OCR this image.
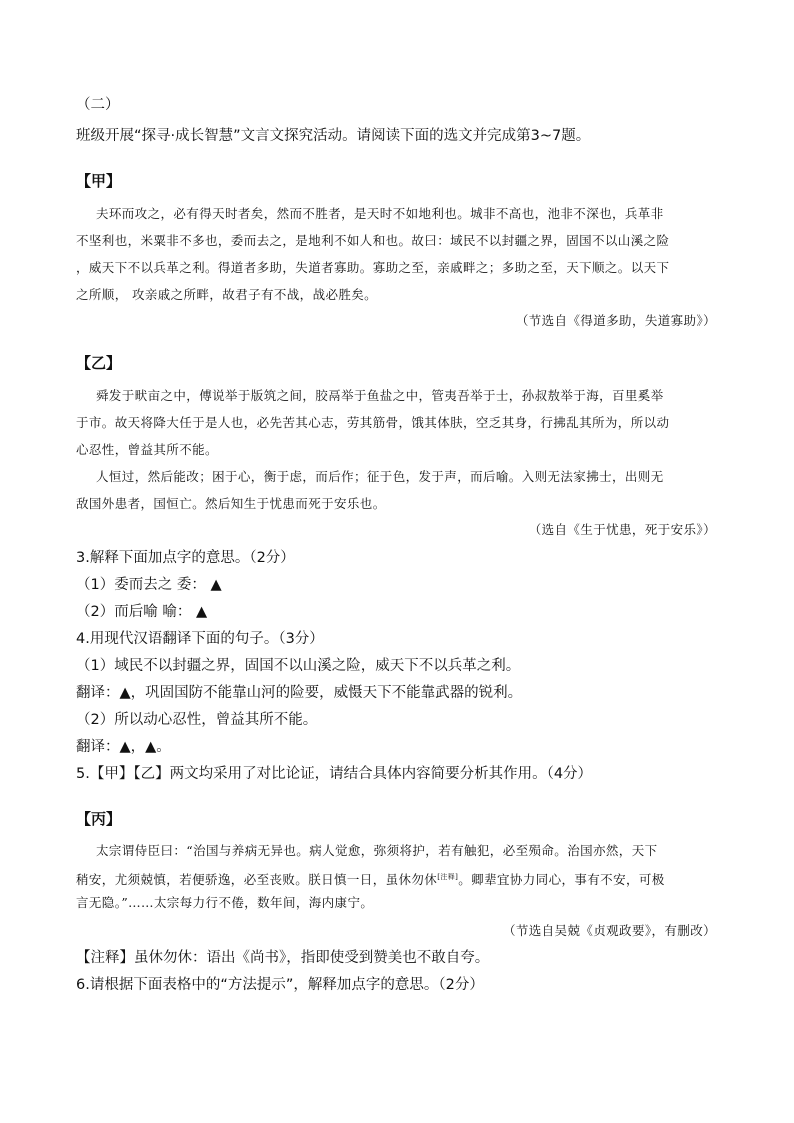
（二）
班级开展“探寻·成长智慧”文言文探究活动。请阅读下面的选文并完成第3~7题。
【甲】
夫环而攻之，必有得天时者矣，然而不胜者，是天时不如地利也。城非不高也，池非不深也，兵革非
不坚利也，米粟非不多也，委而去之，是地利不如人和也。故曰：域民不以封疆之界，固国不以山溪之险
，威天下不以兵革之利。得道者多助，失道者寡助。寡助之至，亲戚畔之；多助之至，天下顺之。以天下
之所顺， 攻亲戚之所畔，故君子有不战，战必胜矣。
（节选自《得道多助，失道寡助》）
【乙】
舜发于畎亩之中，傅说举于版筑之间，胶鬲举于鱼盐之中，管夷吾举于士，孙叔敖举于海，百里奚举
于市。故天将降大任于是人也，必先苦其心志，劳其筋骨，饿其体肤，空乏其身，行拂乱其所为，所以动
心忍性，曾益其所不能。
人恒过，然后能改；困于心，衡于虑，而后作；征于色，发于声，而后喻。入则无法家拂士，出则无
敌国外患者，国恒亡。然后知生于忧患而死于安乐也。
（选自《生于忧患，死于安乐》）
3.解释下面加点字的意思。（2分）
（1）委而去之 委： ▲
（2）而后喻 喻： ▲
4.用现代汉语翻译下面的句子。（3分）
（1）域民不以封疆之界，固国不以山溪之险，威天下不以兵革之利。
翻译：▲，巩固国防不能靠山河的险要，威慑天下不能靠武器的锐利。
（2）所以动心忍性，曾益其所不能。
翻译：▲，▲。
5.【甲】【乙】两文均采用了对比论证，请结合具体内容简要分析其作用。（4分）
【丙】
太宗谓侍臣曰：“治国与养病无异也。病人觉愈，弥须将护，若有触犯，必至殒命。治国亦然，天下
稍安，尤须兢慎，若便骄逸，必至丧败。朕日慎一日，虽休勿休[注释]。卿辈宜协力同心，事有不安，可极
言无隐。”……太宗每力行不倦，数年间，海内康宁。
（节选自吴兢《贞观政要》，有删改）
【注释】虽休勿休：语出《尚书》，指即使受到赞美也不敢自夸。
6.请根据下面表格中的“方法提示”，解释加点字的意思。（2分）
